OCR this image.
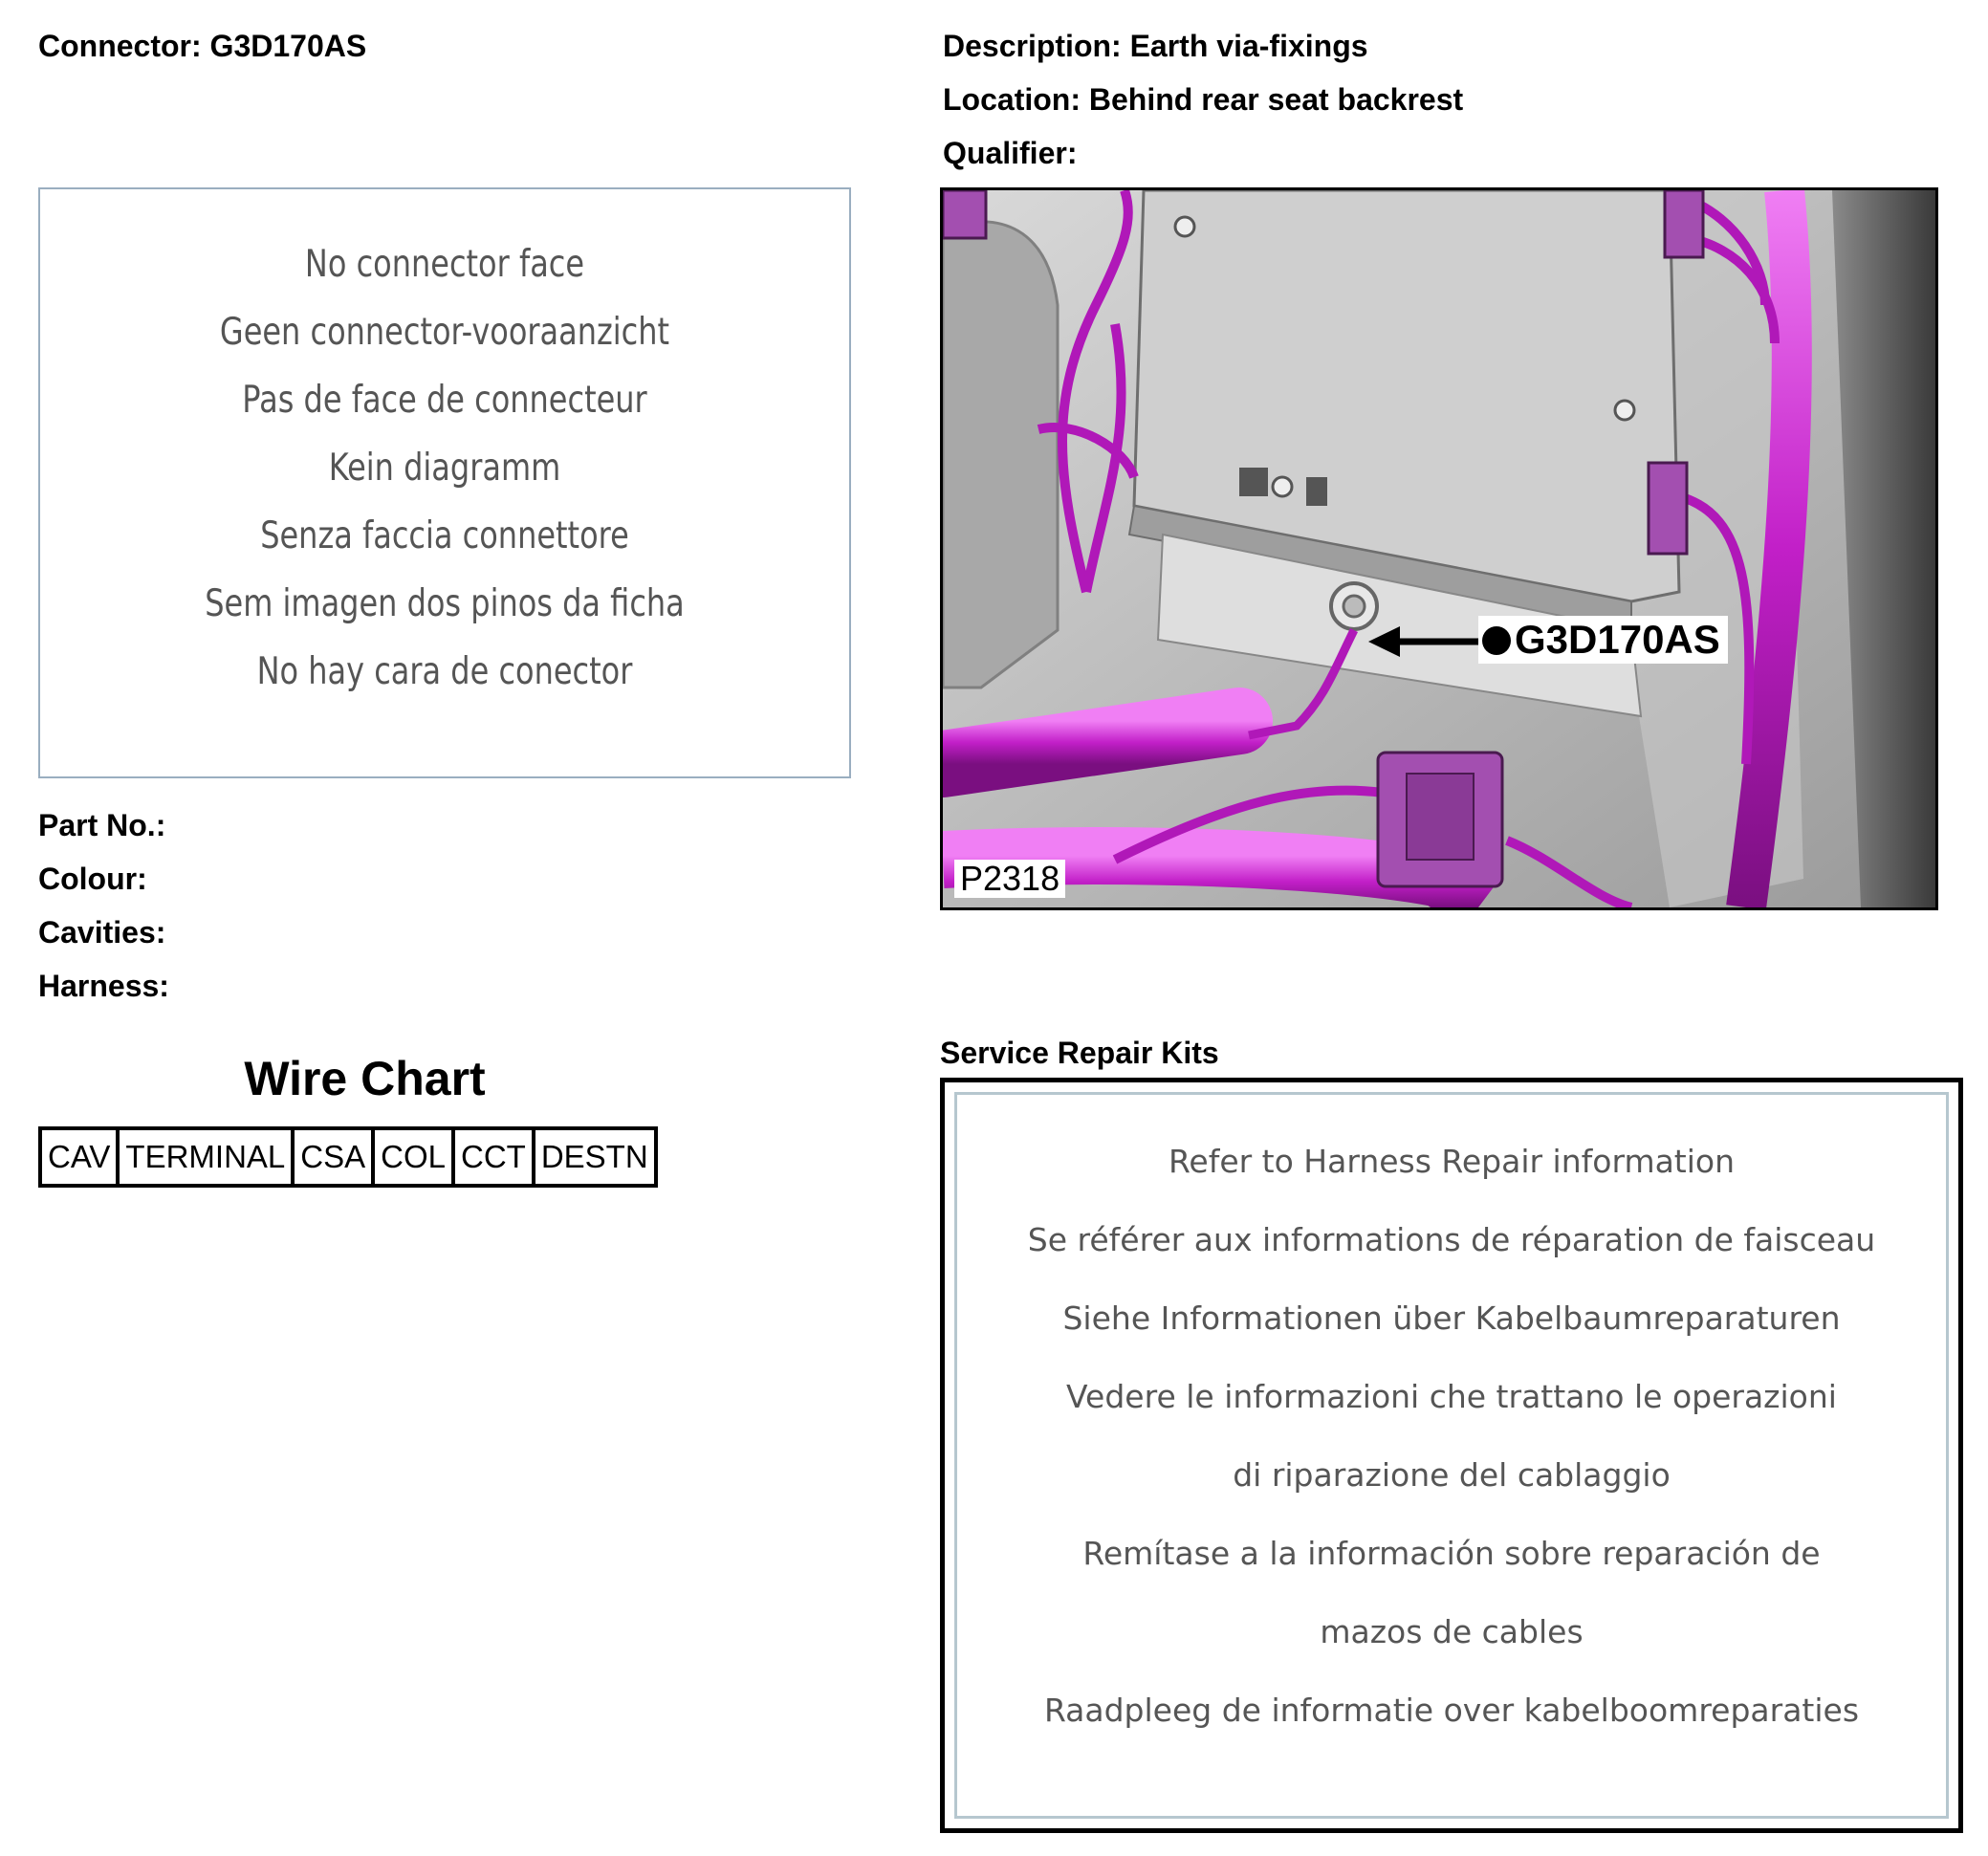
Connector: G3D170AS	Description: Earth via-fixings
Location: Behind rear seat backrest
Qualifier:
No connector face
Geen connector-vooraanzicht
Pas de face de connecteur
Kein diagramm
Senza faccia connettore
Sem imagen dos pinos da ficha
No hay cara de conector
Part No.:
Colour:
Cavities:
Harness:
Wire Chart
CAV TERMINAL CSA COL CCT DESTN
G3D170AS
P2318
Service Repair Kits
Refer to Harness Repair information
Se référer aux informations de réparation de faisceau
Siehe Informationen über Kabelbaumreparaturen
Vedere le informazioni che trattano le operazioni
di riparazione del cablaggio
Remítase a la información sobre reparación de
mazos de cables
Raadpleeg de informatie over kabelboomreparaties
